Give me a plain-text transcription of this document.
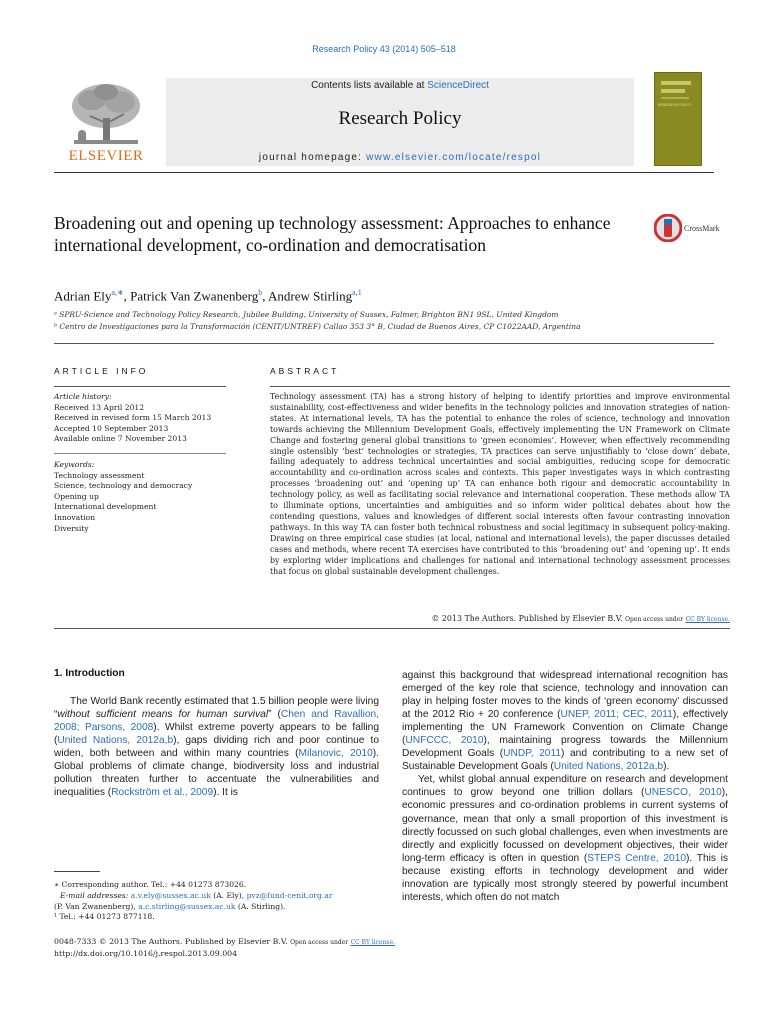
Research Policy 43 (2014) 505–518
ELSEVIER
Contents lists available at ScienceDirect
Research Policy
journal homepage: www.elsevier.com/locate/respol
RESEARCH POLICY
Broadening out and opening up technology assessment: Approaches to enhance international development, co-ordination and democratisation
CrossMark
Adrian Ely$^{a,∗}$, Patrick Van Zwanenberg$^b$, Andrew Stirling$^{a,1}$
ᵃ SPRU-Science and Technology Policy Research, Jubilee Building, University of Sussex, Falmer, Brighton BN1 9SL, United Kingdom
ᵇ Centro de Investigaciones para la Transformación (CENIT/UNTREF) Callao 353 3° B, Ciudad de Buenos Aires, CP C1022AAD, Argentina
ARTICLE INFO
Article history:
Received 13 April 2012
Received in revised form 15 March 2013
Accepted 10 September 2013
Available online 7 November 2013
Keywords:
Technology assessment
Science, technology and democracy
Opening up
International development
Innovation
Diversity
ABSTRACT
Technology assessment (TA) has a strong history of helping to identify priorities and improve environmental sustainability, cost-effectiveness and wider benefits in the technology policies and innovation strategies of nation-states. At international levels, TA has the potential to enhance the roles of science, technology and innovation towards achieving the Millennium Development Goals, effectively implementing the UN Framework on Climate Change and fostering general global transitions to ‘green economies’. However, when effectively recommending single ostensibly ‘best’ technologies or strategies, TA practices can serve unjustifiably to ‘close down’ debate, failing adequately to address technical uncertainties and social ambiguities, reducing scope for democratic accountability and co-ordination across scales and contexts. This paper investigates ways in which contrasting processes ‘broadening out’ and ‘opening up’ TA can enhance both rigour and democratic accountability in technology policy, as well as facilitating social relevance and international cooperation. These methods allow TA to illuminate options, uncertainties and ambiguities and so inform wider political debates about how the contending questions, values and knowledges of different social interests often favour contrasting innovation pathways. In this way TA can foster both technical robustness and social legitimacy in subsequent policy-making. Drawing on three empirical case studies (at local, national and international levels), the paper discusses detailed cases and methods, where recent TA exercises have contributed to this ‘broadening out’ and ‘opening up’. It ends by exploring wider implications and challenges for national and international technology assessment processes that focus on global sustainable development challenges.
© 2013 The Authors. Published by Elsevier B.V. Open access under CC BY license.
1. Introduction

The World Bank recently estimated that 1.5 billion people were living “without sufficient means for human survival” (Chen and Ravallion, 2008; Parsons, 2008). Whilst extreme poverty appears to be falling (United Nations, 2012a,b), gaps dividing rich and poor continue to widen, both between and within many countries (Milanovic, 2010). Global problems of climate change, biodiversity loss and industrial pollution threaten further to accentuate the vulnerabilities and inequalities (Rockström et al., 2009). It is

against this background that widespread international recognition has emerged of the key role that science, technology and innovation can play in helping foster moves to the kinds of ‘green economy’ discussed at the 2012 Rio + 20 conference (UNEP, 2011; CEC, 2011), effectively implementing the UN Framework Convention on Climate Change (UNFCCC, 2010), maintaining progress towards the Millennium Development Goals (UNDP, 2011) and contributing to a new set of Sustainable Development Goals (United Nations, 2012a,b).

Yet, whilst global annual expenditure on research and development continues to grow beyond one trillion dollars (UNESCO, 2010), economic pressures and co-ordination problems in current systems of governance, mean that only a small proportion of this investment is directly focussed on such global challenges, even when investments are directly and explicitly focussed on development objectives, their wider long-term efficacy is often in question (STEPS Centre, 2010). This is because existing efforts in technology development and wider innovation are typically most strongly steered by powerful incumbent interests, which often do not match

∗ Corresponding author. Tel.: +44 01273 873026.
E-mail addresses: a.v.ely@sussex.ac.uk (A. Ely), pvz@fund-cenit.org.ar
(P. Van Zwanenberg), a.c.stirling@sussex.ac.uk (A. Stirling).
¹ Tel.: +44 01273 877118.
0048-7333 © 2013 The Authors. Published by Elsevier B.V. Open access under CC BY license.
http://dx.doi.org/10.1016/j.respol.2013.09.004
